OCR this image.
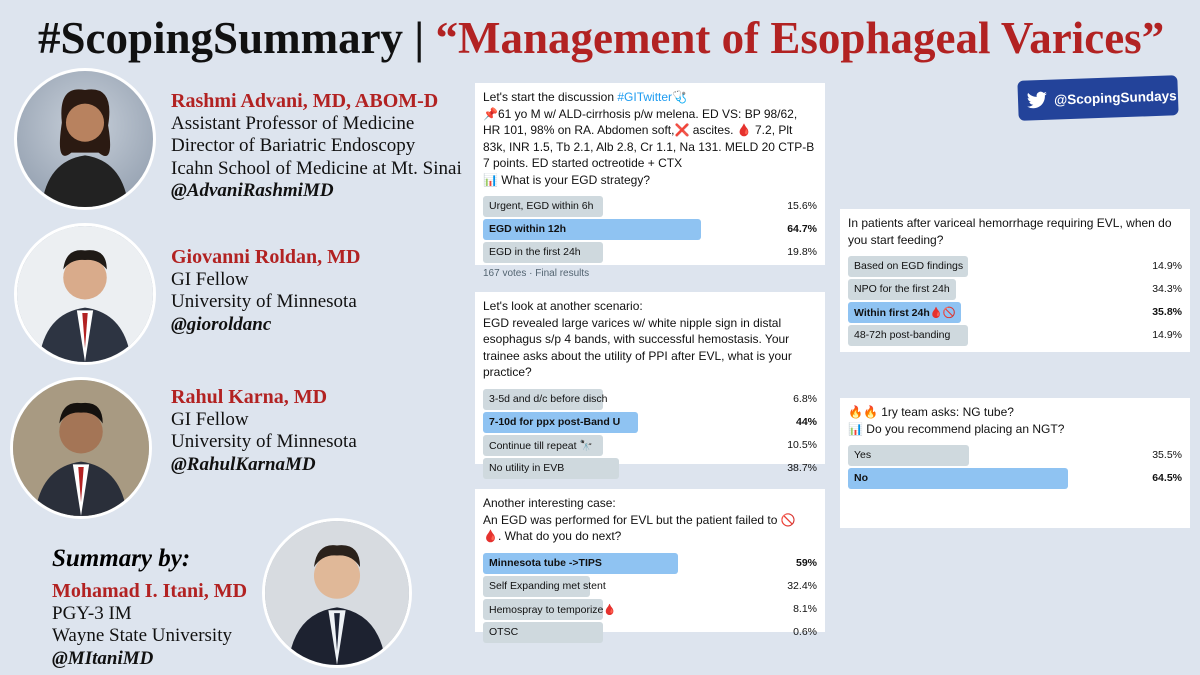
#ScopingSummary | “Management of Esophageal Varices”
@ScopingSundays
Rashmi Advani, MD, ABOM-D
Assistant Professor of Medicine
Director of Bariatric Endoscopy
Icahn School of Medicine at Mt. Sinai
@AdvaniRashmiMD
Giovanni Roldan, MD
GI Fellow
University of Minnesota
@gioroldanc
Rahul Karna, MD
GI Fellow
University of Minnesota
@RahulKarnaMD
Summary by:
Mohamad I. Itani, MD
PGY-3 IM
Wayne State University
@MItaniMD
Let's start the discussion #GITwitter🩺
📌61 yo M w/ ALD-cirrhosis p/w melena. ED VS: BP 98/62, HR 101, 98% on RA. Abdomen soft,❌ ascites. 🩸 7.2, Plt 83k, INR 1.5, Tb 2.1, Alb 2.8, Cr 1.1, Na 131. MELD 20 CTP-B 7 points. ED started octreotide + CTX
📊 What is your EGD strategy?
Urgent, EGD within 6h	15.6%
EGD within 12h	64.7%
EGD in the first 24h	19.8%
167 votes · Final results
Let's look at another scenario:
EGD revealed large varices w/ white nipple sign in distal esophagus s/p 4 bands, with successful hemostasis. Your trainee asks about the utility of PPI after EVL, what is your practice?
3-5d and d/c before disch	6.8%
7-10d for ppx post-Band U	44%
Continue till repeat 🔭	10.5%
No utility in EVB	38.7%
Another interesting case:
An EGD was performed for EVL but the patient failed to 🚫 🩸. What do you do next?
Minnesota tube ->TIPS	59%
Self Expanding met stent	32.4%
Hemospray to temporize🩸	8.1%
OTSC	0.6%
In patients after variceal hemorrhage requiring EVL, when do you start feeding?
Based on EGD findings	14.9%
NPO for the first 24h	34.3%
Within first 24h🩸🚫	35.8%
48-72h post-banding	14.9%
🔥🔥 1ry team asks: NG tube?
📊 Do you recommend placing an NGT?
Yes	35.5%
No	64.5%
